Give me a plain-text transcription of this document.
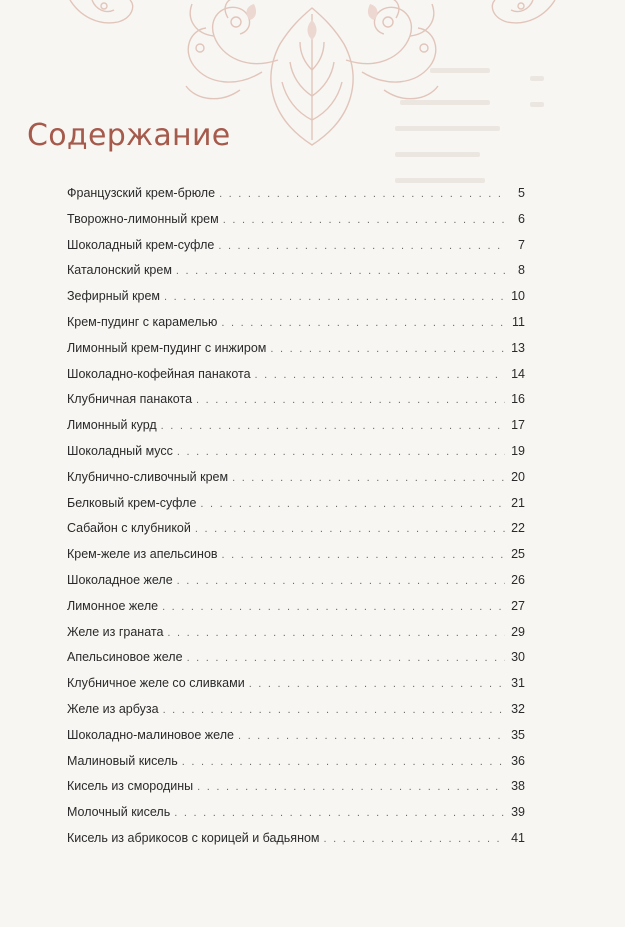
Содержание
Французский крем-брюле . . .	5
Творожно-лимонный крем . . .	6
Шоколадный крем-суфле . . .	7
Каталонский крем . . .	8
Зефирный крем . . .	10
Крем-пудинг с карамелью . . .	11
Лимонный крем-пудинг с инжиром . . .	13
Шоколадно-кофейная панакота . . .	14
Клубничная панакота . . .	16
Лимонный курд . . .	17
Шоколадный мусс . . .	19
Клубнично-сливочный крем . . .	20
Белковый крем-суфле . . .	21
Сабайон с клубникой . . .	22
Крем-желе из апельсинов . . .	25
Шоколадное желе . . .	26
Лимонное желе . . .	27
Желе из граната . . .	29
Апельсиновое желе . . .	30
Клубничное желе со сливками . . .	31
Желе из арбуза . . .	32
Шоколадно-малиновое желе . . .	35
Малиновый кисель . . .	36
Кисель из смородины . . .	38
Молочный кисель . . .	39
Кисель из абрикосов с корицей и бадьяном . . .	41
